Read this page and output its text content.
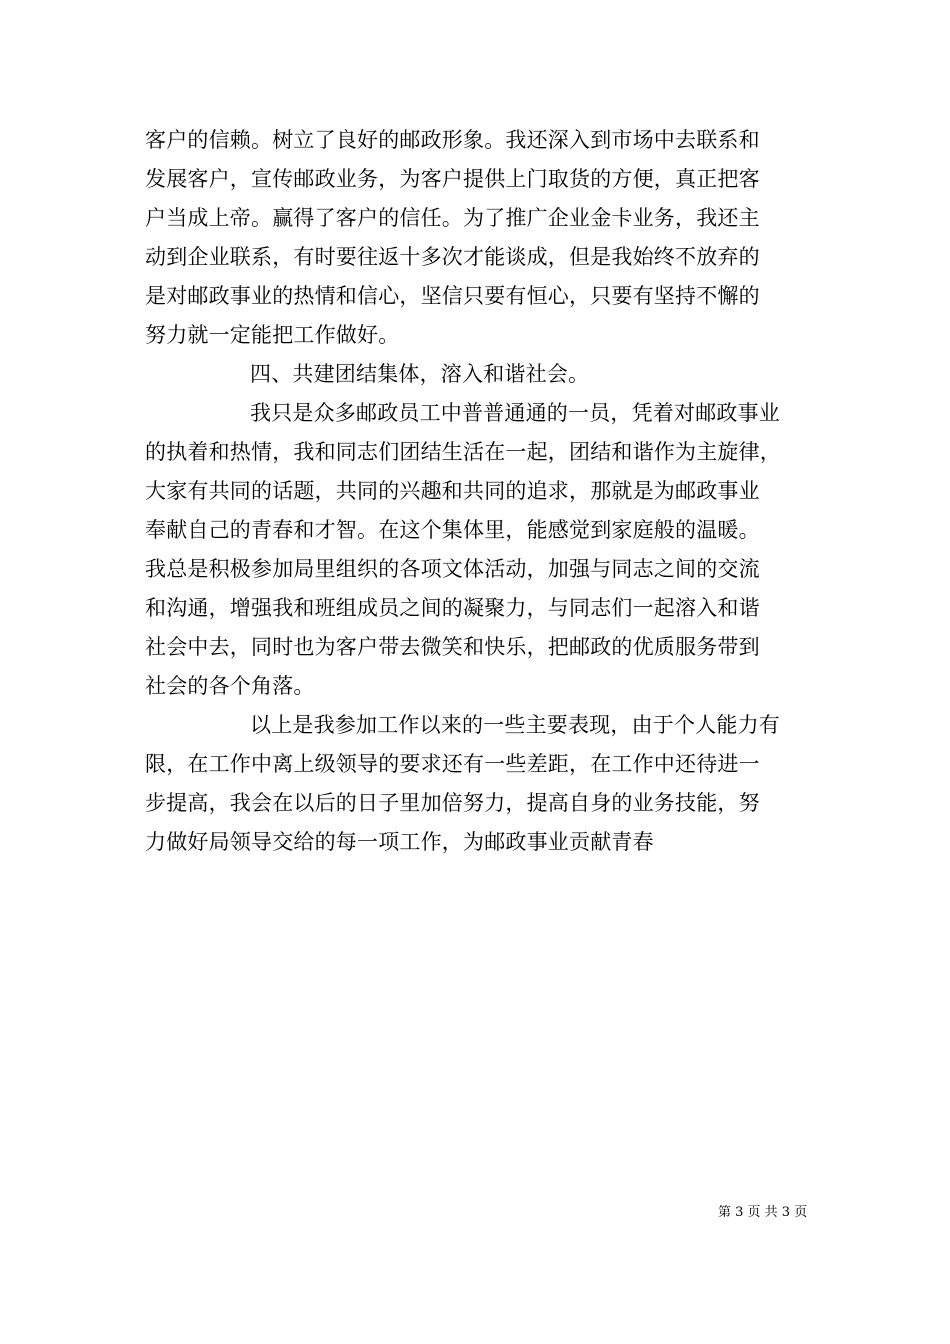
客户的信赖。树立了良好的邮政形象。我还深入到市场中去联系和
发展客户，宣传邮政业务，为客户提供上门取货的方便，真正把客
户当成上帝。赢得了客户的信任。为了推广企业金卡业务，我还主
动到企业联系，有时要往返十多次才能谈成，但是我始终不放弃的
是对邮政事业的热情和信心，坚信只要有恒心，只要有坚持不懈的
努力就一定能把工作做好。
四、共建团结集体，溶入和谐社会。
我只是众多邮政员工中普普通通的一员，凭着对邮政事业
的执着和热情，我和同志们团结生活在一起，团结和谐作为主旋律，
大家有共同的话题，共同的兴趣和共同的追求，那就是为邮政事业
奉献自己的青春和才智。在这个集体里，能感觉到家庭般的温暖。
我总是积极参加局里组织的各项文体活动，加强与同志之间的交流
和沟通，增强我和班组成员之间的凝聚力，与同志们一起溶入和谐
社会中去，同时也为客户带去微笑和快乐，把邮政的优质服务带到
社会的各个角落。
以上是我参加工作以来的一些主要表现，由于个人能力有
限，在工作中离上级领导的要求还有一些差距，在工作中还待进一
步提高，我会在以后的日子里加倍努力，提高自身的业务技能，努
力做好局领导交给的每一项工作，为邮政事业贡献青春
第 3 页 共 3 页
